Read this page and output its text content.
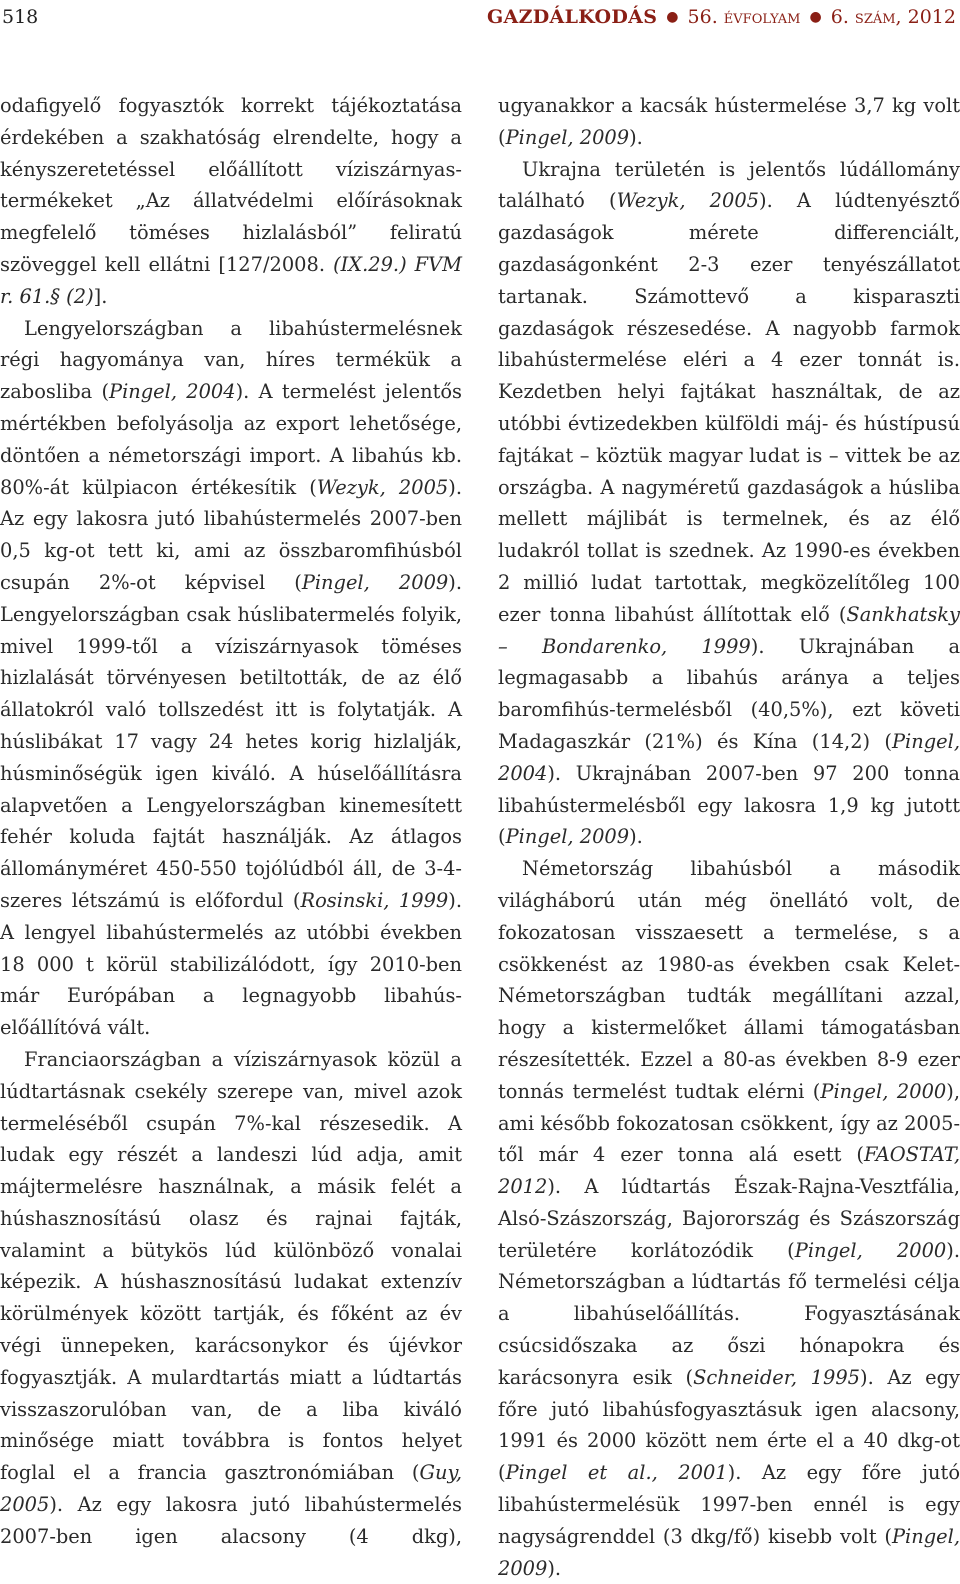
518	GAZDÁLKODÁS ● 56. évfolyam ● 6. szám, 2012

odafigyelő fogyasztók korrekt tájékoztatása érdekében a szakhatóság elrendelte, hogy a kényszeretetéssel előállított víziszárnyas-termékeket „Az állatvédelmi előírásoknak megfelelő töméses hizlalásból” feliratú szöveggel kell ellátni [127/2008. (IX.29.) FVM r. 61.§ (2)].

Lengyelországban a libahústermelésnek régi hagyománya van, híres termékük a zabosliba (Pingel, 2004). A termelést jelentős mértékben befolyásolja az export lehetősége, döntően a németországi import. A libahús kb. 80%-át külpiacon értékesítik (Wezyk, 2005). Az egy lakosra jutó libahústermelés 2007-ben 0,5 kg-ot tett ki, ami az összbaromfihúsból csupán 2%-ot képvisel (Pingel, 2009). Lengyelországban csak húslibatermelés folyik, mivel 1999-től a víziszárnyasok töméses hizlalását törvényesen betiltották, de az élő állatokról való tollszedést itt is folytatják. A húslibákat 17 vagy 24 hetes korig hizlalják, húsminőségük igen kiváló. A húselőállításra alapvetően a Lengyelországban kinemesített fehér koluda fajtát használják. Az átlagos állományméret 450-550 tojólúdból áll, de 3-4-szeres létszámú is előfordul (Rosinski, 1999). A lengyel libahústermelés az utóbbi években 18 000 t körül stabilizálódott, így 2010-ben már Európában a legnagyobb libahús-előállítóvá vált.

Franciaországban a víziszárnyasok közül a lúdtartásnak csekély szerepe van, mivel azok termeléséből csupán 7%-kal részesedik. A ludak egy részét a landeszi lúd adja, amit májtermelésre használnak, a másik felét a húshasznosítású olasz és rajnai fajták, valamint a bütykös lúd különböző vonalai képezik. A húshasznosítású ludakat extenzív körülmények között tartják, és főként az év végi ünnepeken, karácsonykor és újévkor fogyasztják. A mulardtartás miatt a lúdtartás visszaszorulóban van, de a liba kiváló minősége miatt továbbra is fontos helyet foglal el a francia gasztronómiában (Guy, 2005). Az egy lakosra jutó libahústermelés 2007-ben igen alacsony (4 dkg),

ugyanakkor a kacsák hústermelése 3,7 kg volt (Pingel, 2009).

Ukrajna területén is jelentős lúdállomány található (Wezyk, 2005). A lúdtenyésztő gazdaságok mérete differenciált, gazdaságonként 2-3 ezer tenyészállatot tartanak. Számottevő a kisparaszti gazdaságok részesedése. A nagyobb farmok libahústermelése eléri a 4 ezer tonnát is. Kezdetben helyi fajtákat használtak, de az utóbbi évtizedekben külföldi máj- és hústípusú fajtákat – köztük magyar ludat is – vittek be az országba. A nagyméretű gazdaságok a húsliba mellett májlibát is termelnek, és az élő ludakról tollat is szednek. Az 1990-es években 2 millió ludat tartottak, megközelítőleg 100 ezer tonna libahúst állítottak elő (Sankhatsky – Bondarenko, 1999). Ukrajnában a legmagasabb a libahús aránya a teljes baromfihús-termelésből (40,5%), ezt követi Madagaszkár (21%) és Kína (14,2) (Pingel, 2004). Ukrajnában 2007-ben 97 200 tonna libahústermelésből egy lakosra 1,9 kg jutott (Pingel, 2009).

Németország libahúsból a második világháború után még önellátó volt, de fokozatosan visszaesett a termelése, s a csökkenést az 1980-as években csak Kelet-Németországban tudták megállítani azzal, hogy a kistermelőket állami támogatásban részesítették. Ezzel a 80-as években 8-9 ezer tonnás termelést tudtak elérni (Pingel, 2000), ami később fokozatosan csökkent, így az 2005-től már 4 ezer tonna alá esett (FAOSTAT, 2012). A lúdtartás Észak-Rajna-Vesztfália, Alsó-Szászország, Bajorország és Szászország területére korlátozódik (Pingel, 2000). Németországban a lúdtartás fő termelési célja a libahúselőállítás. Fogyasztásának csúcsidőszaka az őszi hónapokra és karácsonyra esik (Schneider, 1995). Az egy főre jutó libahúsfogyasztásuk igen alacsony, 1991 és 2000 között nem érte el a 40 dkg-ot (Pingel et al., 2001). Az egy főre jutó libahústermelésük 1997-ben ennél is egy nagyságrenddel (3 dkg/fő) kisebb volt (Pingel, 2009).
